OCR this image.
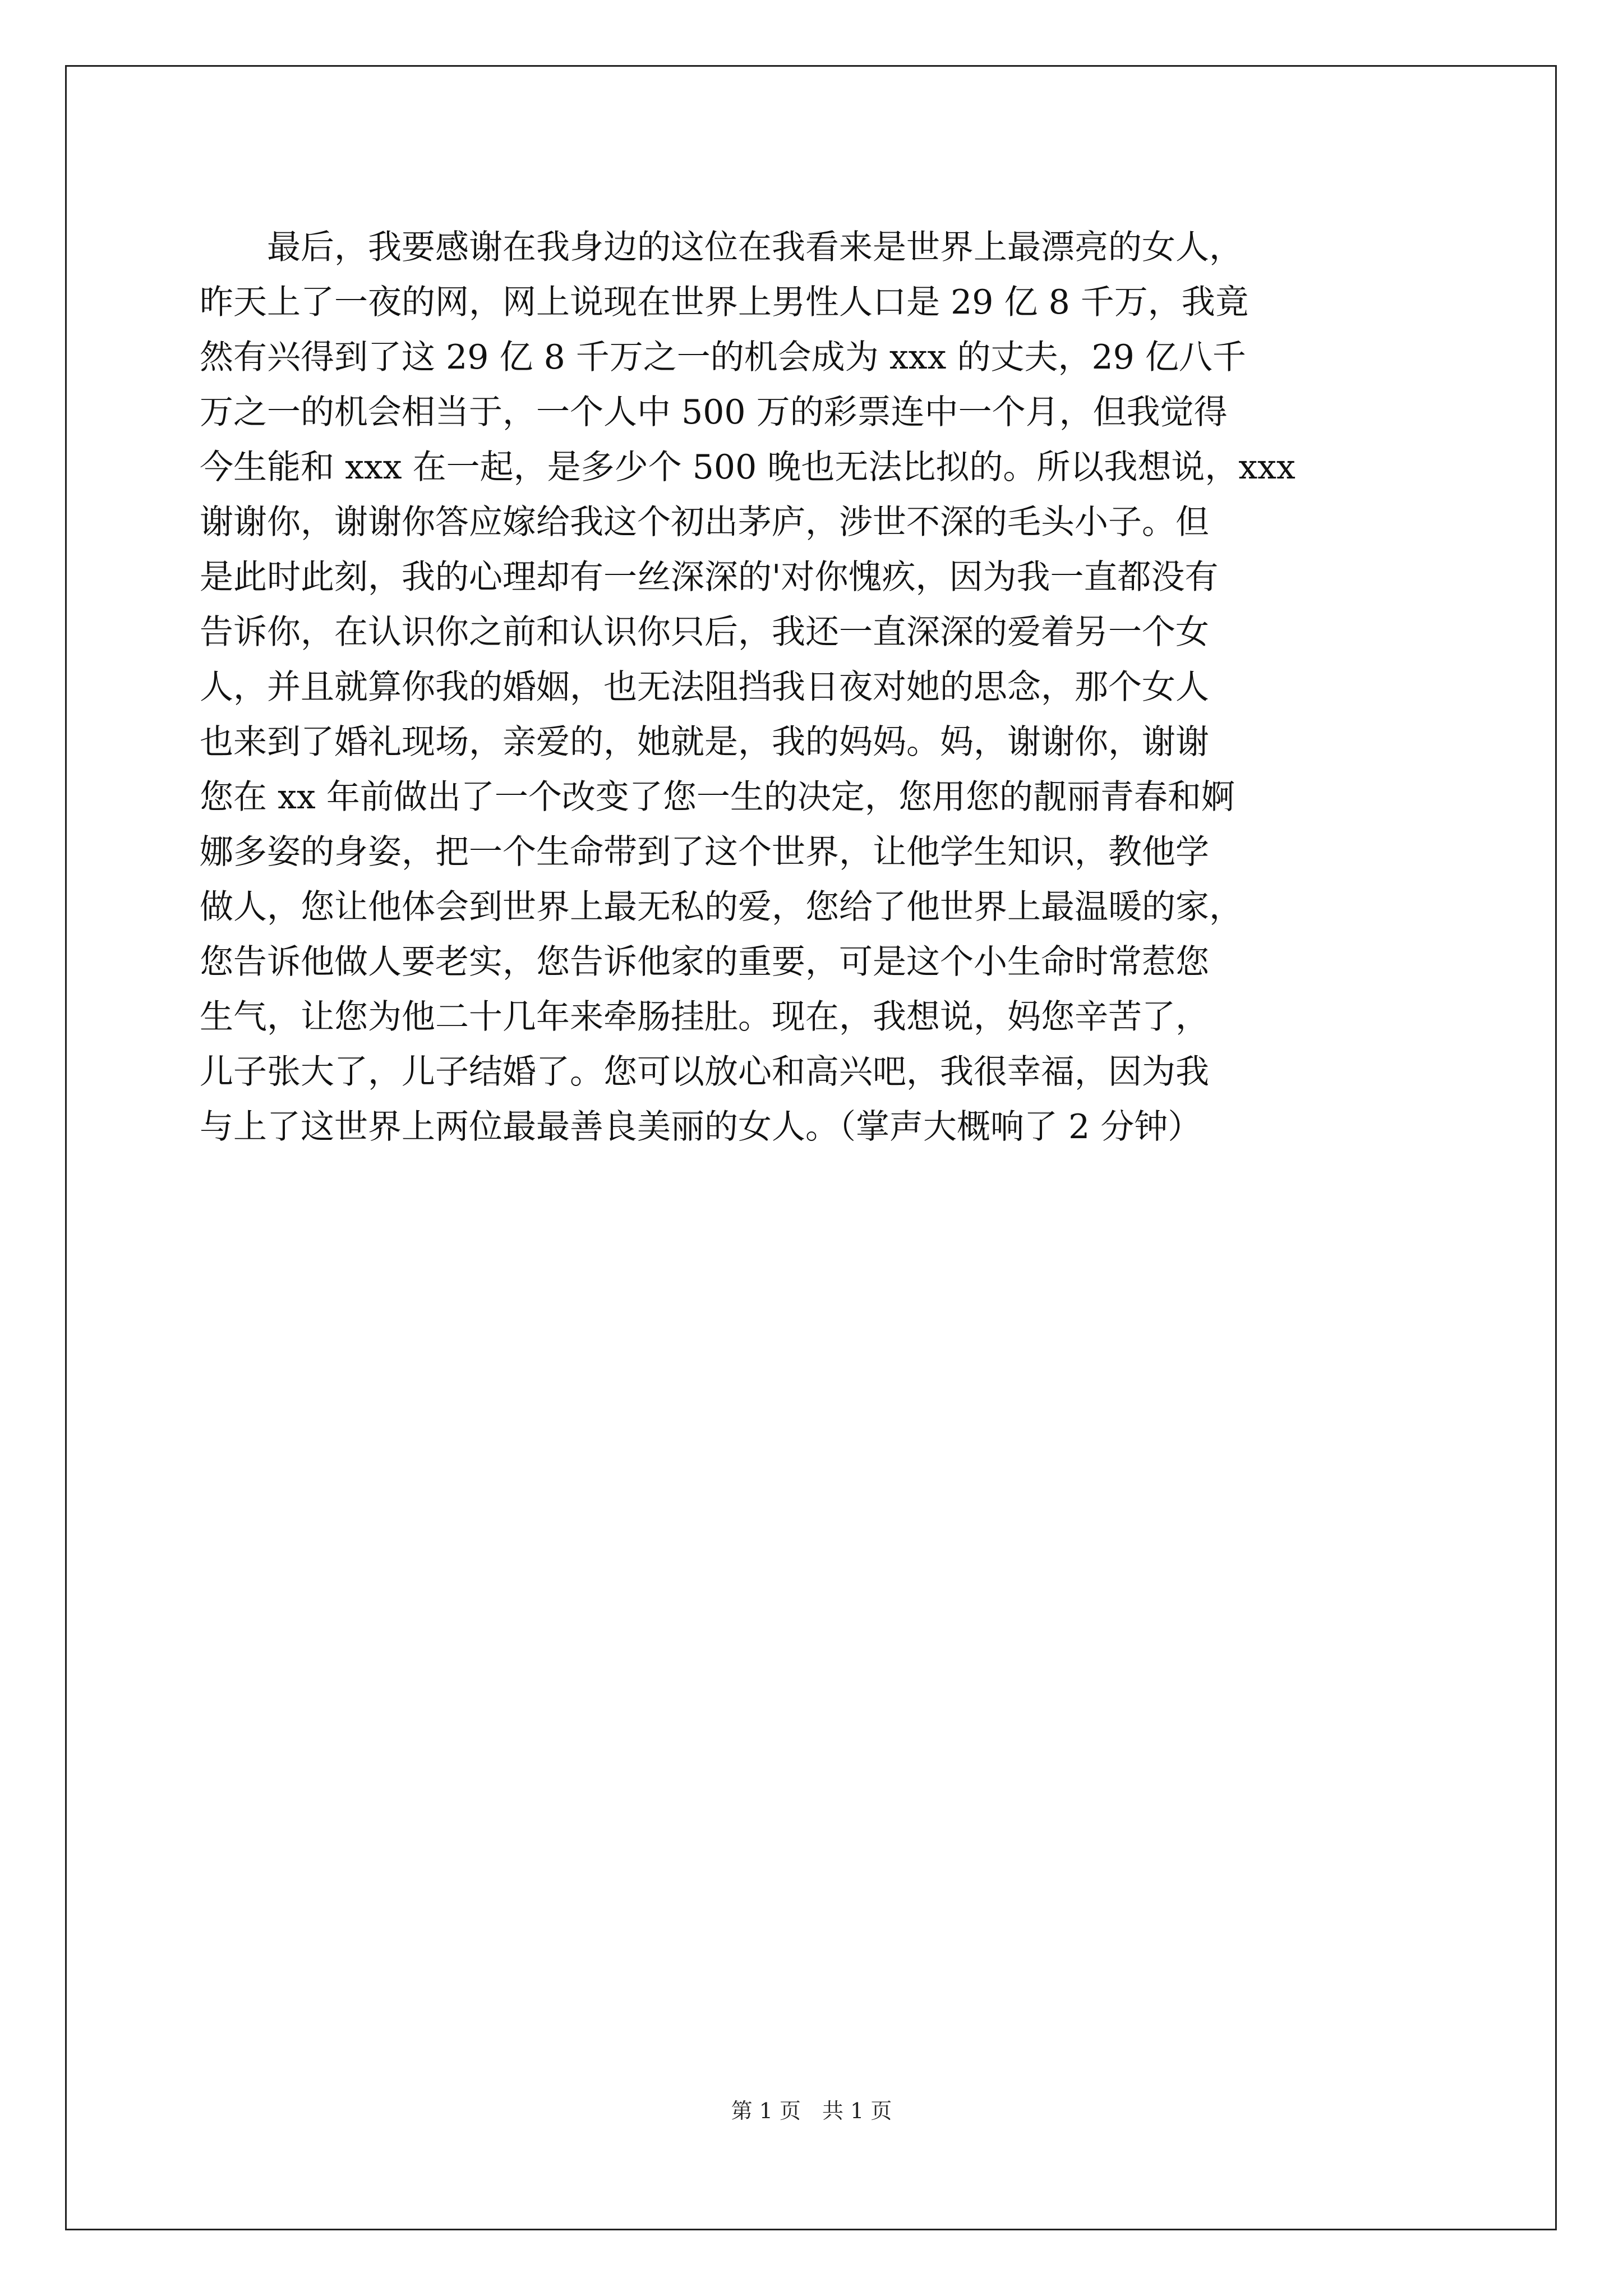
　　最后，我要感谢在我身边的这位在我看来是世界上最漂亮的女人，
昨天上了一夜的网，网上说现在世界上男性人口是 29 亿 8 千万，我竟
然有兴得到了这 29 亿 8 千万之一的机会成为 xxx 的丈夫，29 亿八千
万之一的机会相当于，一个人中 500 万的彩票连中一个月，但我觉得
今生能和 xxx 在一起，是多少个 500 晚也无法比拟的。所以我想说，xxx
谢谢你，谢谢你答应嫁给我这个初出茅庐，涉世不深的毛头小子。但
是此时此刻，我的心理却有一丝深深的'对你愧疚，因为我一直都没有
告诉你，在认识你之前和认识你只后，我还一直深深的爱着另一个女
人，并且就算你我的婚姻，也无法阻挡我日夜对她的思念，那个女人
也来到了婚礼现场，亲爱的，她就是，我的妈妈。妈，谢谢你，谢谢
您在 xx 年前做出了一个改变了您一生的决定，您用您的靓丽青春和婀
娜多姿的身姿，把一个生命带到了这个世界，让他学生知识，教他学
做人，您让他体会到世界上最无私的爱，您给了他世界上最温暖的家，
您告诉他做人要老实，您告诉他家的重要，可是这个小生命时常惹您
生气，让您为他二十几年来牵肠挂肚。现在，我想说，妈您辛苦了，
儿子张大了，儿子结婚了。您可以放心和高兴吧，我很幸福，因为我
与上了这世界上两位最最善良美丽的女人。（掌声大概响了 2 分钟）
第 1 页　共 1 页
